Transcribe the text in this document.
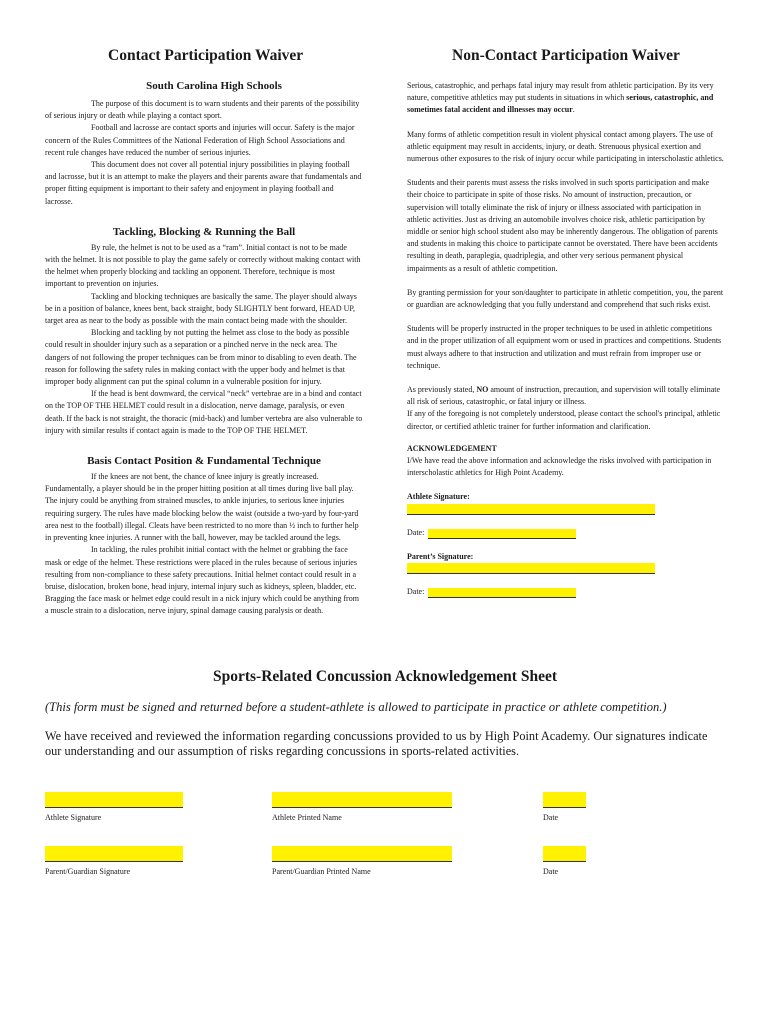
Contact Participation Waiver

South Carolina High Schools

The purpose of this document is to warn students and their parents of the possibility of serious injury or death while playing a contact sport.

Football and lacrosse are contact sports and injuries will occur. Safety is the major concern of the Rules Committees of the National Federation of High School Associations and recent rule changes have reduced the number of serious injuries.

This document does not cover all potential injury possibilities in playing football and lacrosse, but it is an attempt to make the players and their parents aware that fundamentals and proper fitting equipment is important to their safety and enjoyment in playing football and lacrosse.

Tackling, Blocking & Running the Ball

By rule, the helmet is not to be used as a “ram”. Initial contact is not to be made with the helmet. It is not possible to play the game safely or correctly without making contact with the helmet when properly blocking and tackling an opponent. Therefore, technique is most important to prevention on injuries.

Tackling and blocking techniques are basically the same. The player should always be in a position of balance, knees bent, back straight, body SLIGHTLY bent forward, HEAD UP, target area as near to the body as possible with the main contact being made with the shoulder.

Blocking and tackling by not putting the helmet ass close to the body as possible could result in shoulder injury such as a separation or a pinched nerve in the neck area. The dangers of not following the proper techniques can be from minor to disabling to even death. The reason for following the safety rules in making contact with the upper body and helmet is that improper body alignment can put the spinal column in a vulnerable position for injury.

If the head is bent downward, the cervical “neck” vertebrae are in a bind and contact on the TOP OF THE HELMET could result in a dislocation, nerve damage, paralysis, or even death. If the back is not straight, the thoracic (mid-back) and lumber vertebra are also vulnerable to injury with similar results if contact again is made to the TOP OF THE HELMET.

Basis Contact Position & Fundamental Technique

If the knees are not bent, the chance of knee injury is greatly increased. Fundamentally, a player should be in the proper hitting position at all times during live ball play. The injury could be anything from strained muscles, to ankle injuries, to serious knee injuries requiring surgery. The rules have made blocking below the waist (outside a two-yard by four-yard area nest to the football) illegal. Cleats have been restricted to no more than ½ inch to further help in preventing knee injuries. A runner with the ball, however, may be tackled around the legs.

In tackling, the rules prohibit initial contact with the helmet or grabbing the face mask or edge of the helmet. These restrictions were placed in the rules because of serious injuries resulting from non-compliance to these safety precautions. Initial helmet contact could result in a bruise, dislocation, broken bone, head injury, internal injury such as kidneys, spleen, bladder, etc. Bragging the face mask or helmet edge could result in a nick injury which could be anything from a muscle strain to a dislocation, nerve injury, spinal damage causing paralysis or death.

Non-Contact Participation Waiver

Serious, catastrophic, and perhaps fatal injury may result from athletic participation. By its very nature, competitive athletics may put students in situations in which serious, catastrophic, and sometimes fatal accident and illnesses may occur.

Many forms of athletic competition result in violent physical contact among players. The use of athletic equipment may result in accidents, injury, or death. Strenuous physical exertion and numerous other exposures to the risk of injury occur while participating in interscholastic athletics.

Students and their parents must assess the risks involved in such sports participation and make their choice to participate in spite of those risks. No amount of instruction, precaution, or supervision will totally eliminate the risk of injury or illness associated with participation in athletic activities. Just as driving an automobile involves choice risk, athletic participation by middle or senior high school student also may be inherently dangerous. The obligation of parents and students in making this choice to participate cannot be overstated. There have been accidents resulting in death, paraplegia, quadriplegia, and other very serious permanent physical impairments as a result of athletic competition.

By granting permission for your son/daughter to participate in athletic competition, you, the parent or guardian are acknowledging that you fully understand and comprehend that such risks exist.

Students will be properly instructed in the proper techniques to be used in athletic competitions and in the proper utilization of all equipment worn or used in practices and competitions. Students must always adhere to that instruction and utilization and must refrain from improper use or technique.

As previously stated, NO amount of instruction, precaution, and supervision will totally eliminate all risk of serious, catastrophic, or fatal injury or illness.

If any of the foregoing is not completely understood, please contact the school's principal, athletic director, or certified athletic trainer for further information and clarification.

ACKNOWLEDGEMENT

I/We have read the above information and acknowledge the risks involved with participation in interscholastic athletics for High Point Academy.

Athlete Signature:

Date:

Parent’s Signature:

Date:
Sports-Related Concussion Acknowledgement Sheet
(This form must be signed and returned before a student-athlete is allowed to participate in practice or athlete competition.)
We have received and reviewed the information regarding concussions provided to us by High Point Academy. Our signatures indicate our understanding and our assumption of risks regarding concussions in sports-related activities.
Athlete Signature	Athlete Printed Name	Date
Parent/Guardian Signature	Parent/Guardian Printed Name	Date
